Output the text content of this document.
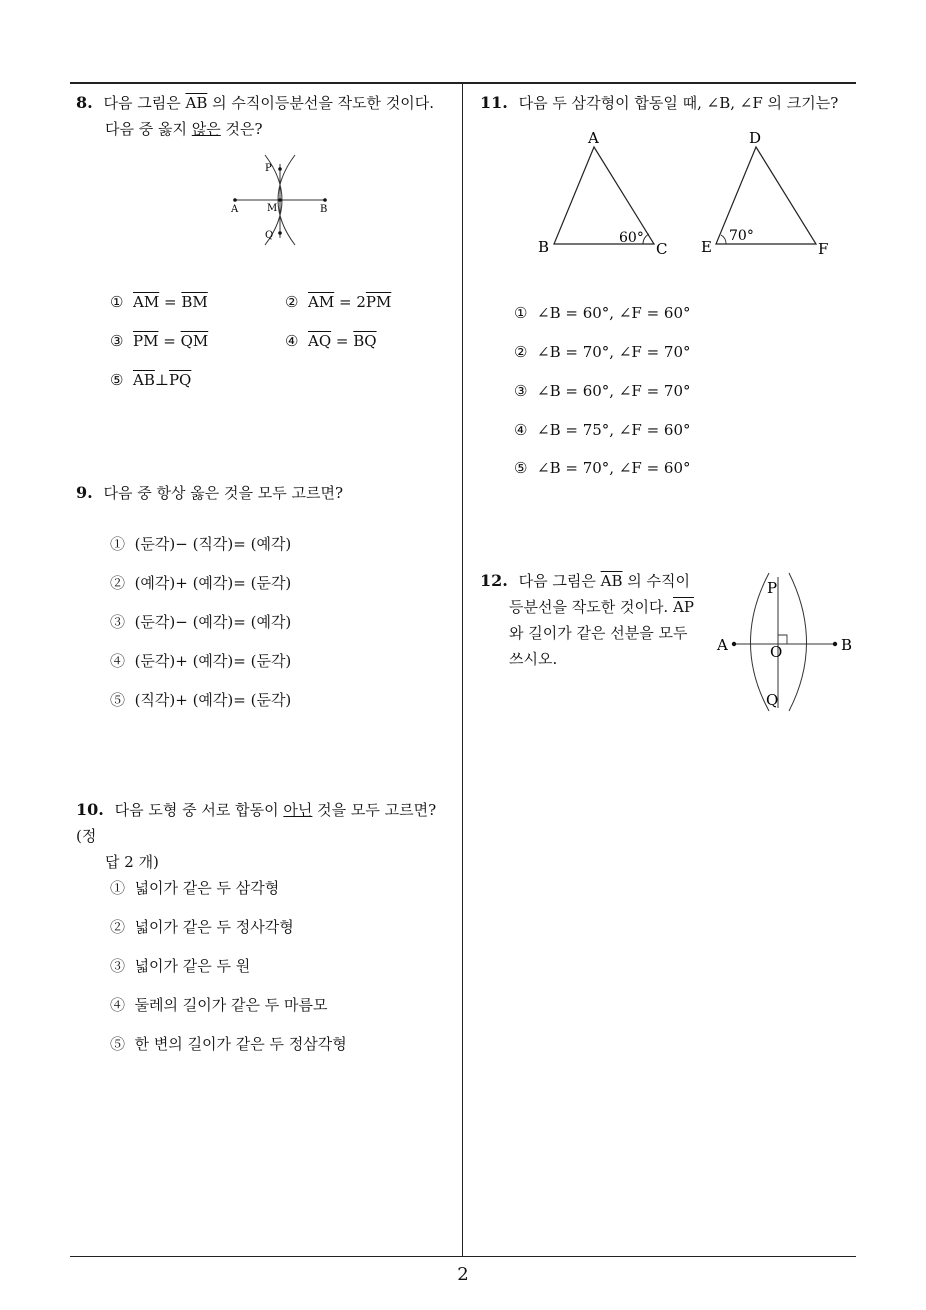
8. 다음 그림은 $\overline{AB}$ 의 수직이등분선을 작도한 것이다.
다음 중 옳지 않은 것은?
P
A	M	B
Q
① $\overline{AM} = \overline{BM}$	② $\overline{AM} = 2\overline{PM}$
③ $\overline{PM} = \overline{QM}$	④ $\overline{AQ} = \overline{BQ}$
⑤ $\overline{AB}\perp\overline{PQ}$
9. 다음 중 항상 옳은 것을 모두 고르면?
① (둔각)− (직각)= (예각)
② (예각)+ (예각)= (둔각)
③ (둔각)− (예각)= (예각)
④ (둔각)+ (예각)= (둔각)
⑤ (직각)+ (예각)= (둔각)
10. 다음 도형 중 서로 합동이 아닌 것을 모두 고르면? (정
답 2 개)
① 넓이가 같은 두 삼각형
② 넓이가 같은 두 정사각형
③ 넓이가 같은 두 원
④ 둘레의 길이가 같은 두 마름모
⑤ 한 변의 길이가 같은 두 정삼각형
11. 다음 두 삼각형이 합동일 때, ∠B, ∠F 의 크기는?
A
B	C
60°
D
E	F
70°
① ∠B = 60°, ∠F = 60°
② ∠B = 70°, ∠F = 70°
③ ∠B = 60°, ∠F = 70°
④ ∠B = 75°, ∠F = 60°
⑤ ∠B = 70°, ∠F = 60°
12. 다음 그림은 $\overline{AB}$ 의 수직이
등분선을 작도한 것이다. $\overline{AP}$
와 길이가 같은 선분을 모두
쓰시오.
P
A	O	B
Q
2
